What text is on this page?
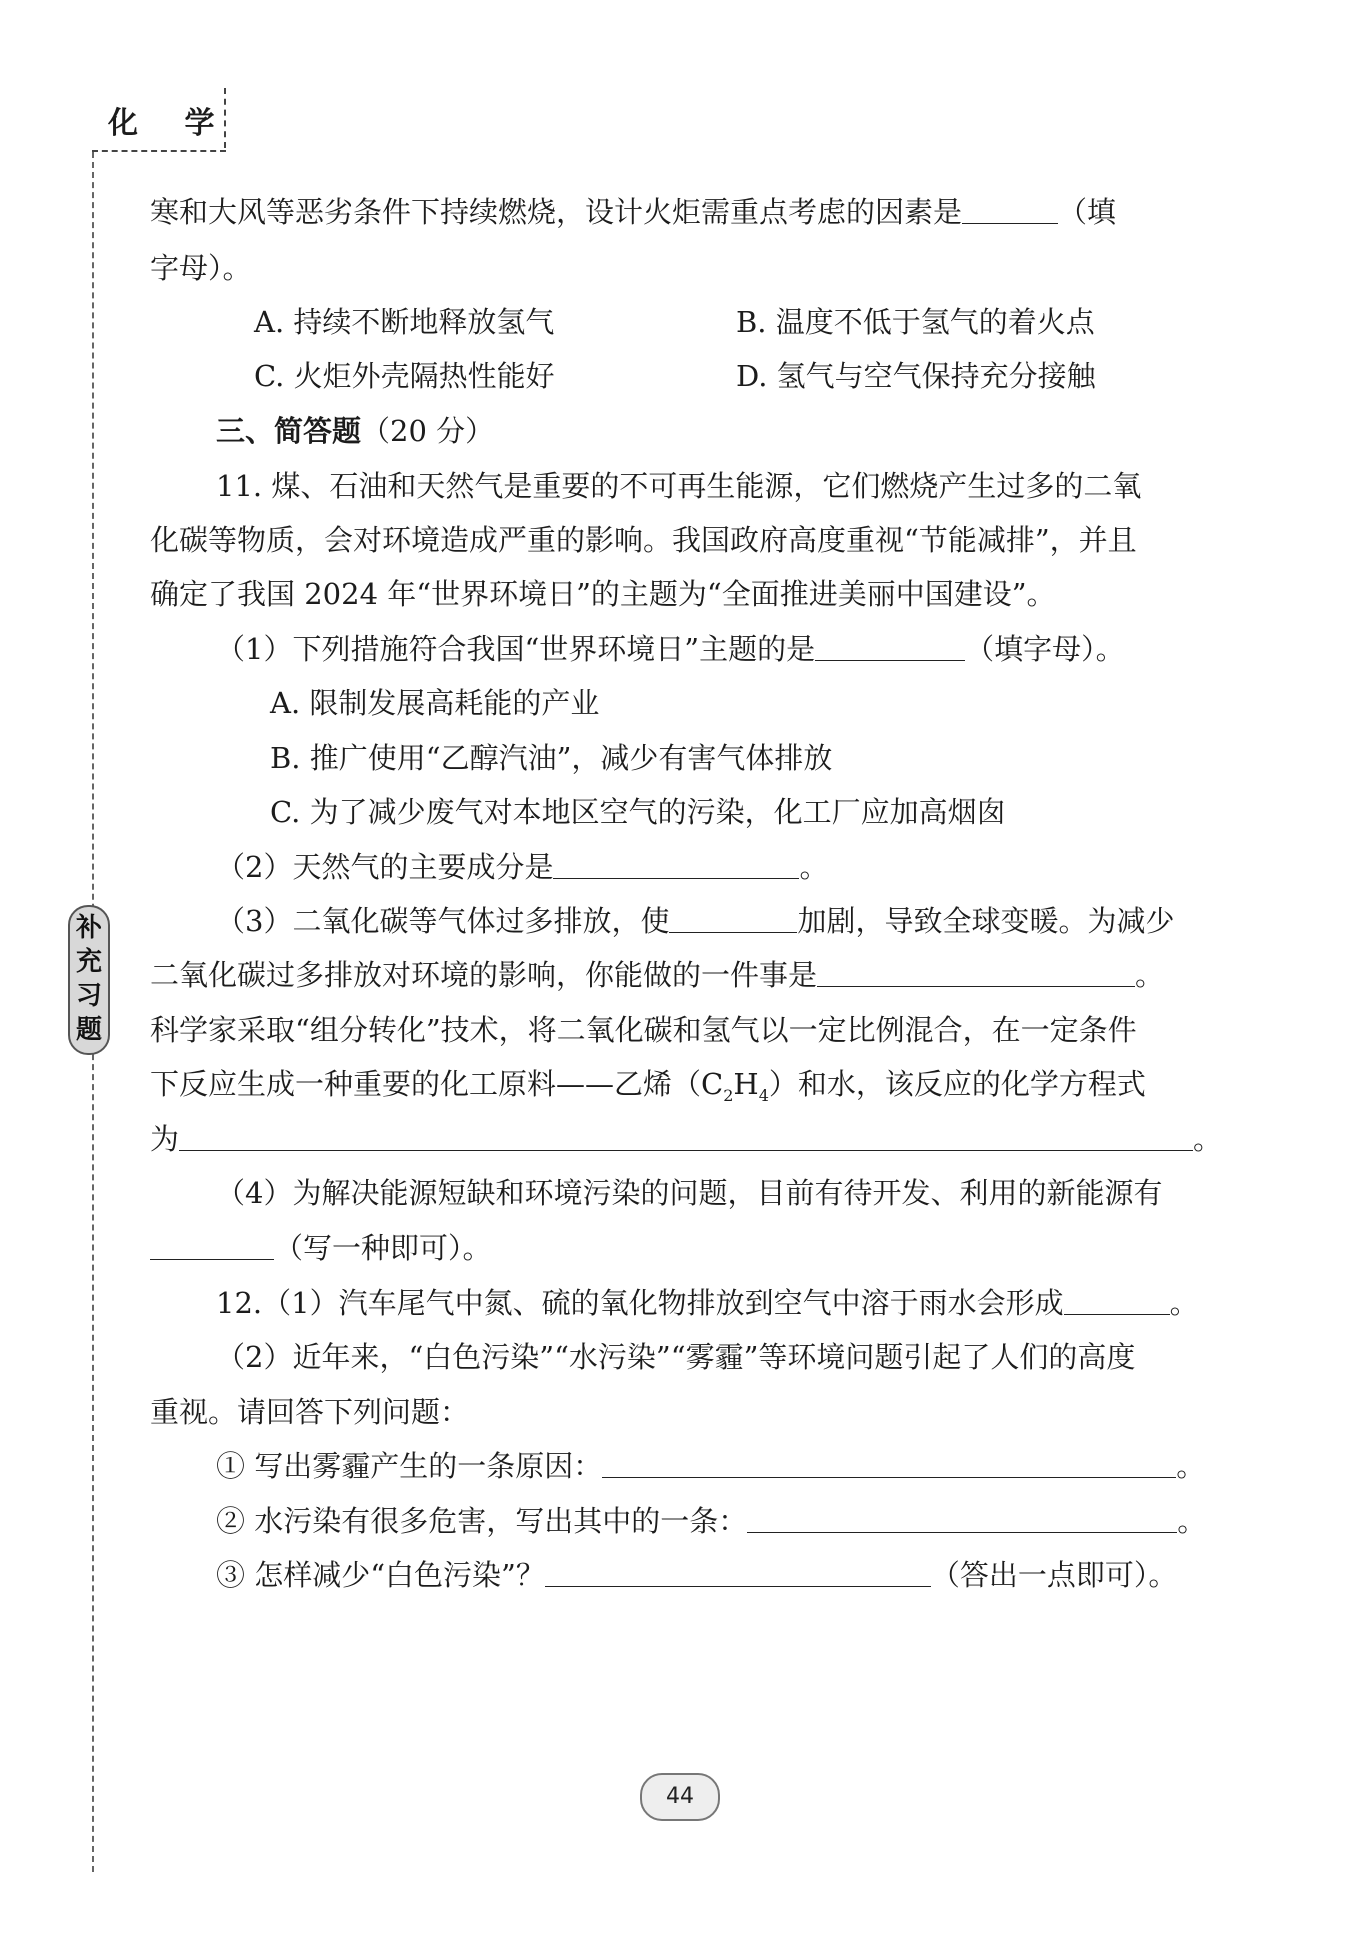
化 学
补
充
习
题
寒和大风等恶劣条件下持续燃烧，设计火炬需重点考虑的因素是	（填
字母）。
A. 持续不断地释放氢气	B. 温度不低于氢气的着火点
C. 火炬外壳隔热性能好	D. 氢气与空气保持充分接触
三、简答题（20 分）
11. 煤、石油和天然气是重要的不可再生能源，它们燃烧产生过多的二氧
化碳等物质，会对环境造成严重的影响。我国政府高度重视“节能减排”，并且
确定了我国 2024 年“世界环境日”的主题为“全面推进美丽中国建设”。
（1）下列措施符合我国“世界环境日”主题的是	（填字母）。
A. 限制发展高耗能的产业
B. 推广使用“乙醇汽油”，减少有害气体排放
C. 为了减少废气对本地区空气的污染，化工厂应加高烟囱
（2）天然气的主要成分是	。
（3）二氧化碳等气体过多排放，使	加剧，导致全球变暖。为减少
二氧化碳过多排放对环境的影响，你能做的一件事是	。
科学家采取“组分转化”技术，将二氧化碳和氢气以一定比例混合，在一定条件
下反应生成一种重要的化工原料——乙烯$(C_2H_4)$和水，该反应的化学方程式
为	。
（4）为解决能源短缺和环境污染的问题，目前有待开发、利用的新能源有
（写一种即可）。
12.（1）汽车尾气中氮、硫的氧化物排放到空气中溶于雨水会形成	。
（2）近年来，“白色污染”“水污染”“雾霾”等环境问题引起了人们的高度
重视。请回答下列问题：
① 写出雾霾产生的一条原因：	。
② 水污染有很多危害，写出其中的一条：	。
③ 怎样减少“白色污染”？	（答出一点即可）。
44
